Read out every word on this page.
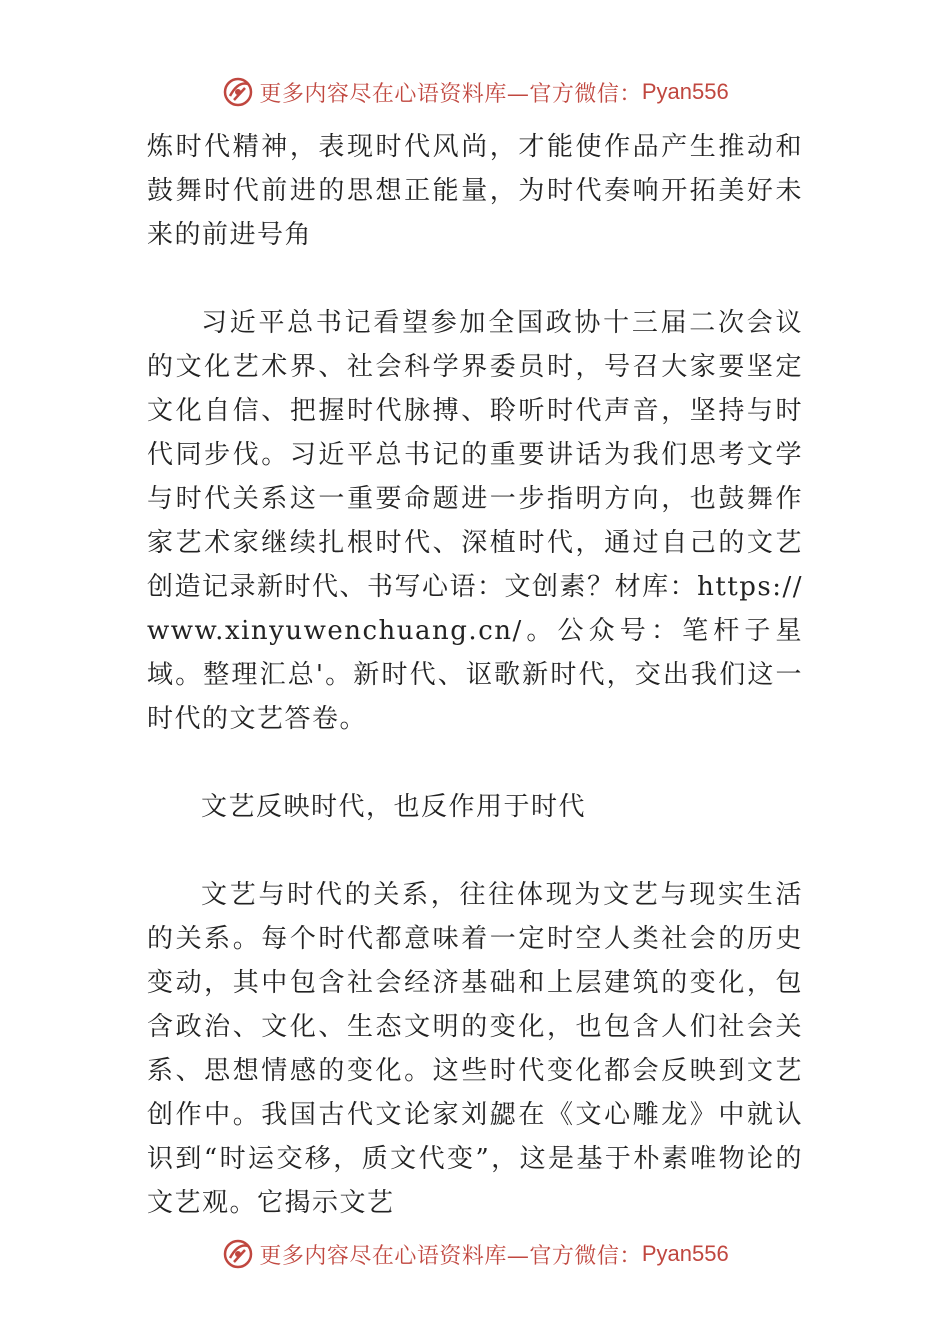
更多内容尽在心语资料库—官方微信： Pyan556

炼时代精神，表现时代风尚，才能使作品产生推动和鼓舞时代前进的思想正能量，为时代奏响开拓美好未来的前进号角

习近平总书记看望参加全国政协十三届二次会议的文化艺术界、社会科学界委员时，号召大家要坚定文化自信、把握时代脉搏、聆听时代声音，坚持与时代同步伐。习近平总书记的重要讲话为我们思考文学与时代关系这一重要命题进一步指明方向，也鼓舞作家艺术家继续扎根时代、深植时代，通过自己的文艺创造记录新时代、书写心语：文创素？材库：https://www.xinyuwenchuang.cn/。公众号：笔杆子星域。整理汇总'。新时代、讴歌新时代，交出我们这一时代的文艺答卷。

文艺反映时代，也反作用于时代

文艺与时代的关系，往往体现为文艺与现实生活的关系。每个时代都意味着一定时空人类社会的历史变动，其中包含社会经济基础和上层建筑的变化，包含政治、文化、生态文明的变化，也包含人们社会关系、思想情感的变化。这些时代变化都会反映到文艺创作中。我国古代文论家刘勰在《文心雕龙》中就认识到“时运交移，质文代变”，这是基于朴素唯物论的文艺观。它揭示文艺

更多内容尽在心语资料库—官方微信： Pyan556
